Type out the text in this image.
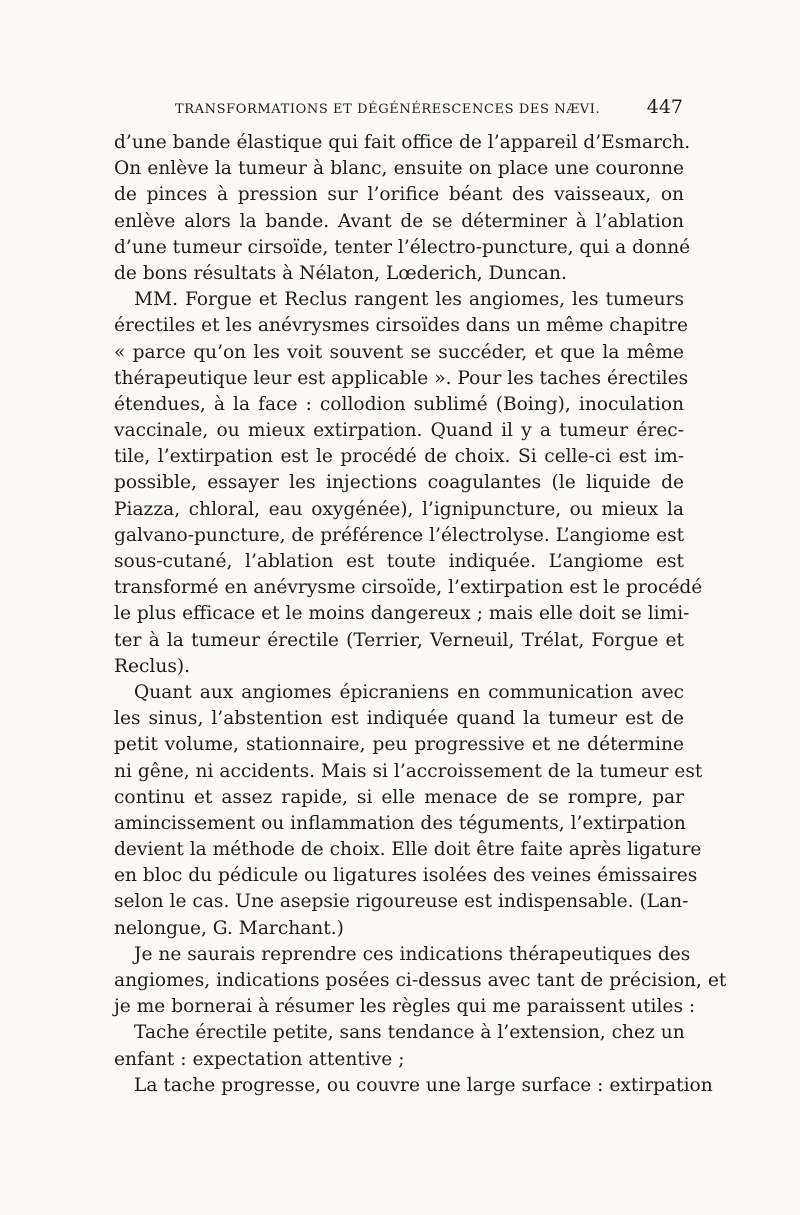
TRANSFORMATIONS ET DÉGÉNÉRESCENCES DES NÆVI. 447
d’une bande élastique qui fait office de l’appareil d’Esmarch.
On enlève la tumeur à blanc, ensuite on place une couronne
de pinces à pression sur l’orifice béant des vaisseaux, on
enlève alors la bande. Avant de se déterminer à l’ablation
d’une tumeur cirsoïde, tenter l’électro-puncture, qui a donné
de bons résultats à Nélaton, Lœderich, Duncan.
MM. Forgue et Reclus rangent les angiomes, les tumeurs
érectiles et les anévrysmes cirsoïdes dans un même chapitre
« parce qu’on les voit souvent se succéder, et que la même
thérapeutique leur est applicable ». Pour les taches érectiles
étendues, à la face : collodion sublimé (Boing), inoculation
vaccinale, ou mieux extirpation. Quand il y a tumeur érec-
tile, l’extirpation est le procédé de choix. Si celle-ci est im-
possible, essayer les injections coagulantes (le liquide de
Piazza, chloral, eau oxygénée), l’ignipuncture, ou mieux la
galvano-puncture, de préférence l’électrolyse. L’angiome est
sous-cutané, l’ablation est toute indiquée. L’angiome est
transformé en anévrysme cirsoïde, l’extirpation est le procédé
le plus efficace et le moins dangereux ; mais elle doit se limi-
ter à la tumeur érectile (Terrier, Verneuil, Trélat, Forgue et
Reclus).
Quant aux angiomes épicraniens en communication avec
les sinus, l’abstention est indiquée quand la tumeur est de
petit volume, stationnaire, peu progressive et ne détermine
ni gêne, ni accidents. Mais si l’accroissement de la tumeur est
continu et assez rapide, si elle menace de se rompre, par
amincissement ou inflammation des téguments, l’extirpation
devient la méthode de choix. Elle doit être faite après ligature
en bloc du pédicule ou ligatures isolées des veines émissaires
selon le cas. Une asepsie rigoureuse est indispensable. (Lan-
nelongue, G. Marchant.)
Je ne saurais reprendre ces indications thérapeutiques des
angiomes, indications posées ci-dessus avec tant de précision, et
je me bornerai à résumer les règles qui me paraissent utiles :
Tache érectile petite, sans tendance à l’extension, chez un
enfant : expectation attentive ;
La tache progresse, ou couvre une large surface : extirpation
